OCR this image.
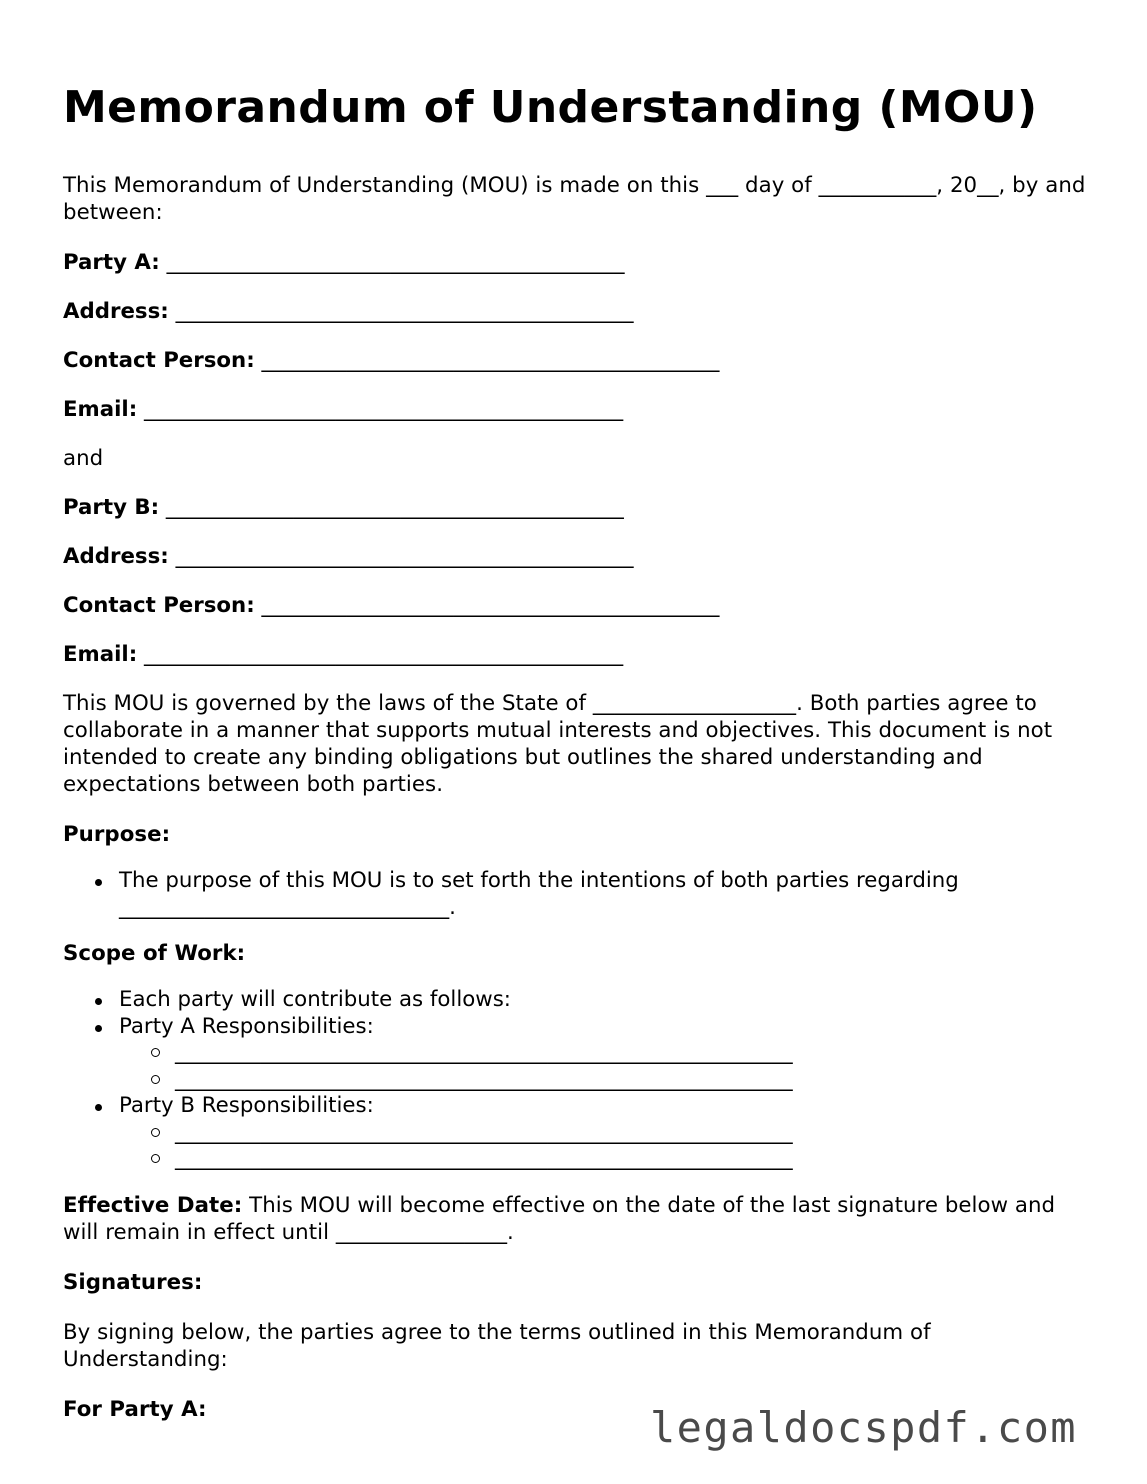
Memorandum of Understanding (MOU)

This Memorandum of Understanding (MOU) is made on this ___ day of ___________, 20__, by and between:

Party A: ___________________________________________
Address: ___________________________________________
Contact Person: ___________________________________________
Email: _____________________________________________

and

Party B: ___________________________________________
Address: ___________________________________________
Contact Person: ___________________________________________
Email: _____________________________________________

This MOU is governed by the laws of the State of ___________________. Both parties agree to collaborate in a manner that supports mutual interests and objectives. This document is not intended to create any binding obligations but outlines the shared understanding and expectations between both parties.

Purpose:

The purpose of this MOU is to set forth the intentions of both parties regarding _______________________________.

Scope of Work:

Each party will contribute as follows:
Party A Responsibilities:
__________________________________________________________
__________________________________________________________
Party B Responsibilities:
__________________________________________________________
__________________________________________________________

Effective Date: This MOU will become effective on the date of the last signature below and will remain in effect until ________________.

Signatures:

By signing below, the parties agree to the terms outlined in this Memorandum of Understanding:

For Party A:	legaldocspdf.com
